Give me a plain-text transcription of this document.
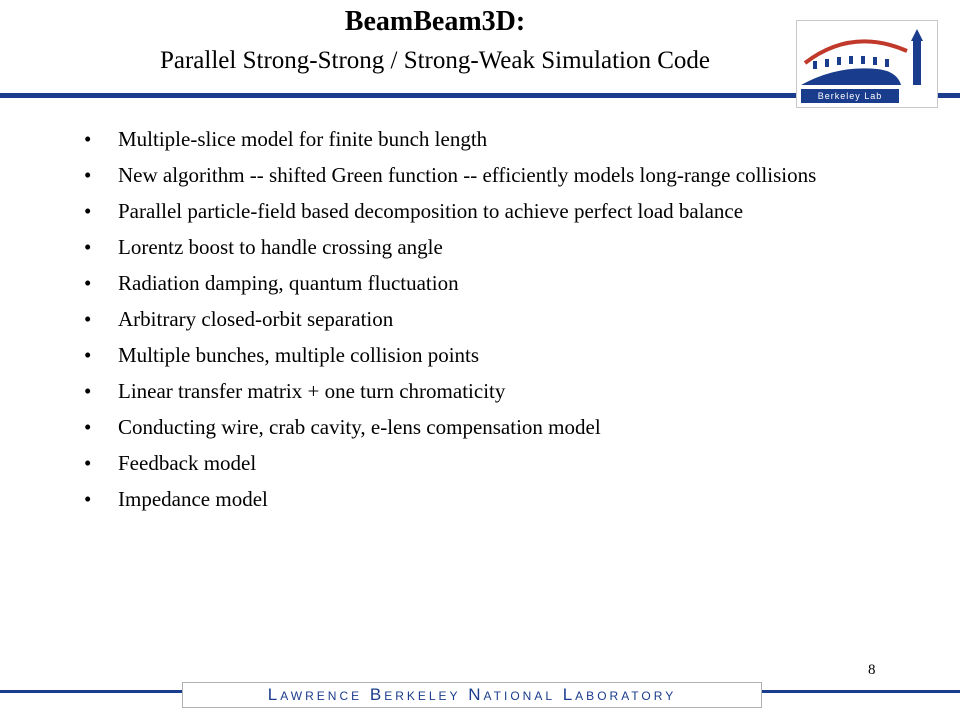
BeamBeam3D:
Parallel Strong-Strong / Strong-Weak Simulation Code
Berkeley Lab
• Multiple-slice model for finite bunch length
• New algorithm -- shifted Green function -- efficiently models long-range collisions
• Parallel particle-field based decomposition to achieve perfect load balance
• Lorentz boost to handle crossing angle
• Radiation damping, quantum fluctuation
• Arbitrary closed-orbit separation
• Multiple bunches, multiple collision points
• Linear transfer matrix + one turn chromaticity
• Conducting wire, crab cavity, e-lens compensation model
• Feedback model
• Impedance model
8
Lawrence Berkeley National Laboratory
